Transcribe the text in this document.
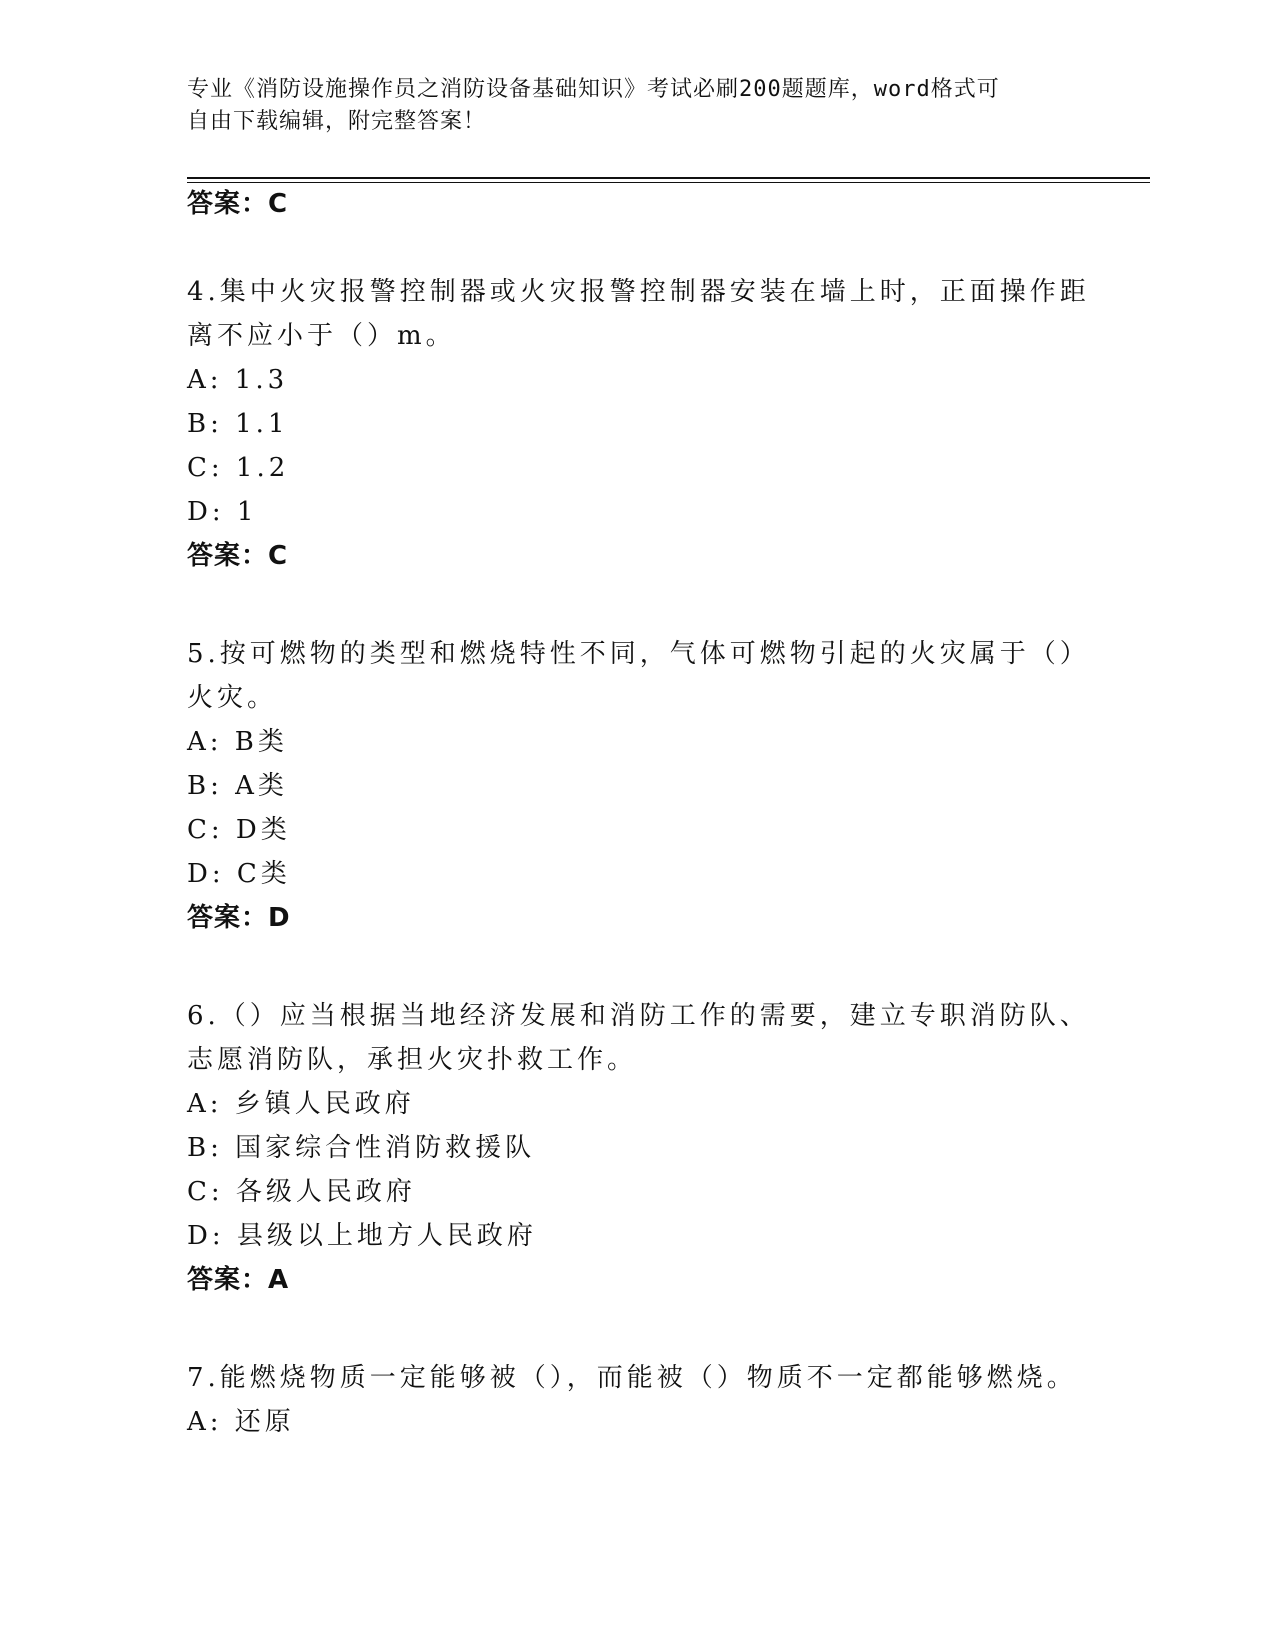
专业《消防设施操作员之消防设备基础知识》考试必刷200题题库，word格式可
自由下载编辑，附完整答案！
答案：C
4.集中火灾报警控制器或火灾报警控制器安装在墙上时，正面操作距
离不应小于（）m。
A: 1.3
B: 1.1
C: 1.2
D: 1
答案：C
5.按可燃物的类型和燃烧特性不同，气体可燃物引起的火灾属于（）
火灾。
A: B类
B: A类
C: D类
D: C类
答案：D
6.（）应当根据当地经济发展和消防工作的需要，建立专职消防队、
志愿消防队，承担火灾扑救工作。
A: 乡镇人民政府
B: 国家综合性消防救援队
C: 各级人民政府
D: 县级以上地方人民政府
答案：A
7.能燃烧物质一定能够被（），而能被（）物质不一定都能够燃烧。
A: 还原
